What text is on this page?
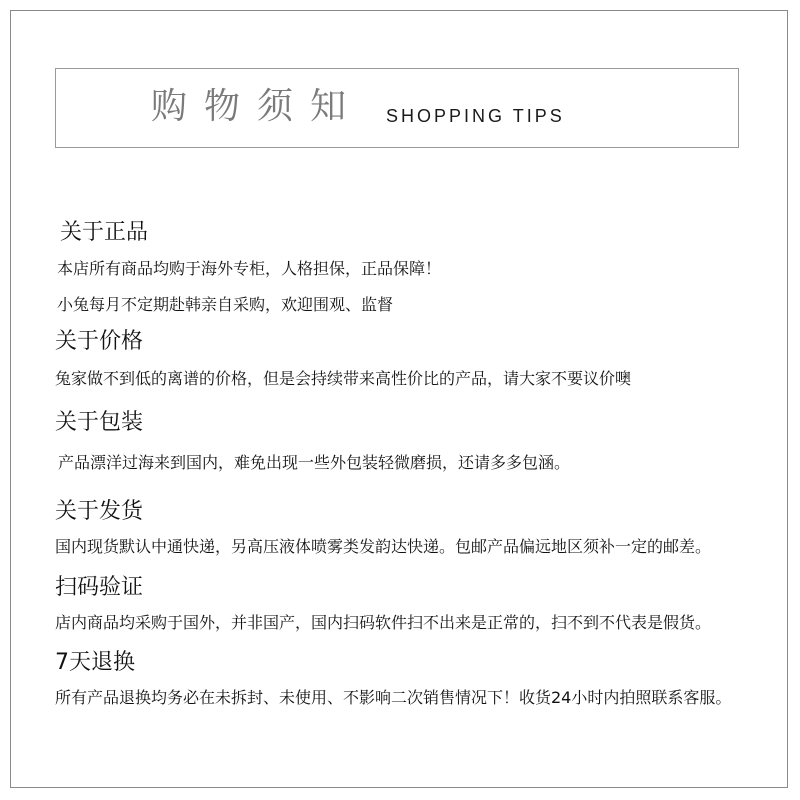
购物须知 SHOPPING TIPS
关于正品
本店所有商品均购于海外专柜，人格担保，正品保障！
小兔每月不定期赴韩亲自采购，欢迎围观、监督
关于价格
兔家做不到低的离谱的价格，但是会持续带来高性价比的产品，请大家不要议价噢
关于包装
产品漂洋过海来到国内，难免出现一些外包装轻微磨损，还请多多包涵。
关于发货
国内现货默认中通快递，另高压液体喷雾类发韵达快递。包邮产品偏远地区须补一定的邮差。
扫码验证
店内商品均采购于国外，并非国产，国内扫码软件扫不出来是正常的，扫不到不代表是假货。
7天退换
所有产品退换均务必在未拆封、未使用、不影响二次销售情况下！收货24小时内拍照联系客服。
